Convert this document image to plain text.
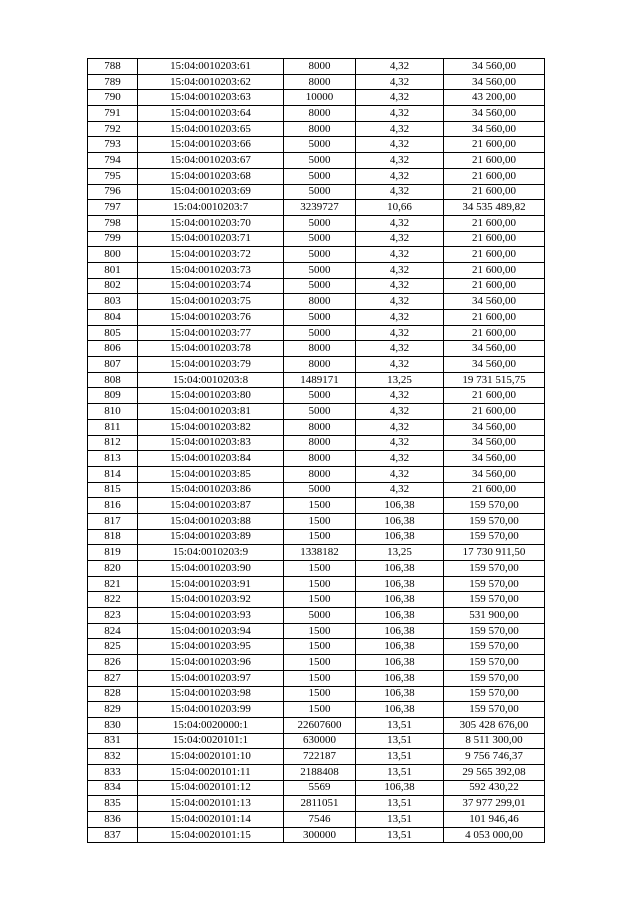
788	15:04:0010203:61	8000	4,32	34 560,00
789	15:04:0010203:62	8000	4,32	34 560,00
790	15:04:0010203:63	10000	4,32	43 200,00
791	15:04:0010203:64	8000	4,32	34 560,00
792	15:04:0010203:65	8000	4,32	34 560,00
793	15:04:0010203:66	5000	4,32	21 600,00
794	15:04:0010203:67	5000	4,32	21 600,00
795	15:04:0010203:68	5000	4,32	21 600,00
796	15:04:0010203:69	5000	4,32	21 600,00
797	15:04:0010203:7	3239727	10,66	34 535 489,82
798	15:04:0010203:70	5000	4,32	21 600,00
799	15:04:0010203:71	5000	4,32	21 600,00
800	15:04:0010203:72	5000	4,32	21 600,00
801	15:04:0010203:73	5000	4,32	21 600,00
802	15:04:0010203:74	5000	4,32	21 600,00
803	15:04:0010203:75	8000	4,32	34 560,00
804	15:04:0010203:76	5000	4,32	21 600,00
805	15:04:0010203:77	5000	4,32	21 600,00
806	15:04:0010203:78	8000	4,32	34 560,00
807	15:04:0010203:79	8000	4,32	34 560,00
808	15:04:0010203:8	1489171	13,25	19 731 515,75
809	15:04:0010203:80	5000	4,32	21 600,00
810	15:04:0010203:81	5000	4,32	21 600,00
811	15:04:0010203:82	8000	4,32	34 560,00
812	15:04:0010203:83	8000	4,32	34 560,00
813	15:04:0010203:84	8000	4,32	34 560,00
814	15:04:0010203:85	8000	4,32	34 560,00
815	15:04:0010203:86	5000	4,32	21 600,00
816	15:04:0010203:87	1500	106,38	159 570,00
817	15:04:0010203:88	1500	106,38	159 570,00
818	15:04:0010203:89	1500	106,38	159 570,00
819	15:04:0010203:9	1338182	13,25	17 730 911,50
820	15:04:0010203:90	1500	106,38	159 570,00
821	15:04:0010203:91	1500	106,38	159 570,00
822	15:04:0010203:92	1500	106,38	159 570,00
823	15:04:0010203:93	5000	106,38	531 900,00
824	15:04:0010203:94	1500	106,38	159 570,00
825	15:04:0010203:95	1500	106,38	159 570,00
826	15:04:0010203:96	1500	106,38	159 570,00
827	15:04:0010203:97	1500	106,38	159 570,00
828	15:04:0010203:98	1500	106,38	159 570,00
829	15:04:0010203:99	1500	106,38	159 570,00
830	15:04:0020000:1	22607600	13,51	305 428 676,00
831	15:04:0020101:1	630000	13,51	8 511 300,00
832	15:04:0020101:10	722187	13,51	9 756 746,37
833	15:04:0020101:11	2188408	13,51	29 565 392,08
834	15:04:0020101:12	5569	106,38	592 430,22
835	15:04:0020101:13	2811051	13,51	37 977 299,01
836	15:04:0020101:14	7546	13,51	101 946,46
837	15:04:0020101:15	300000	13,51	4 053 000,00
